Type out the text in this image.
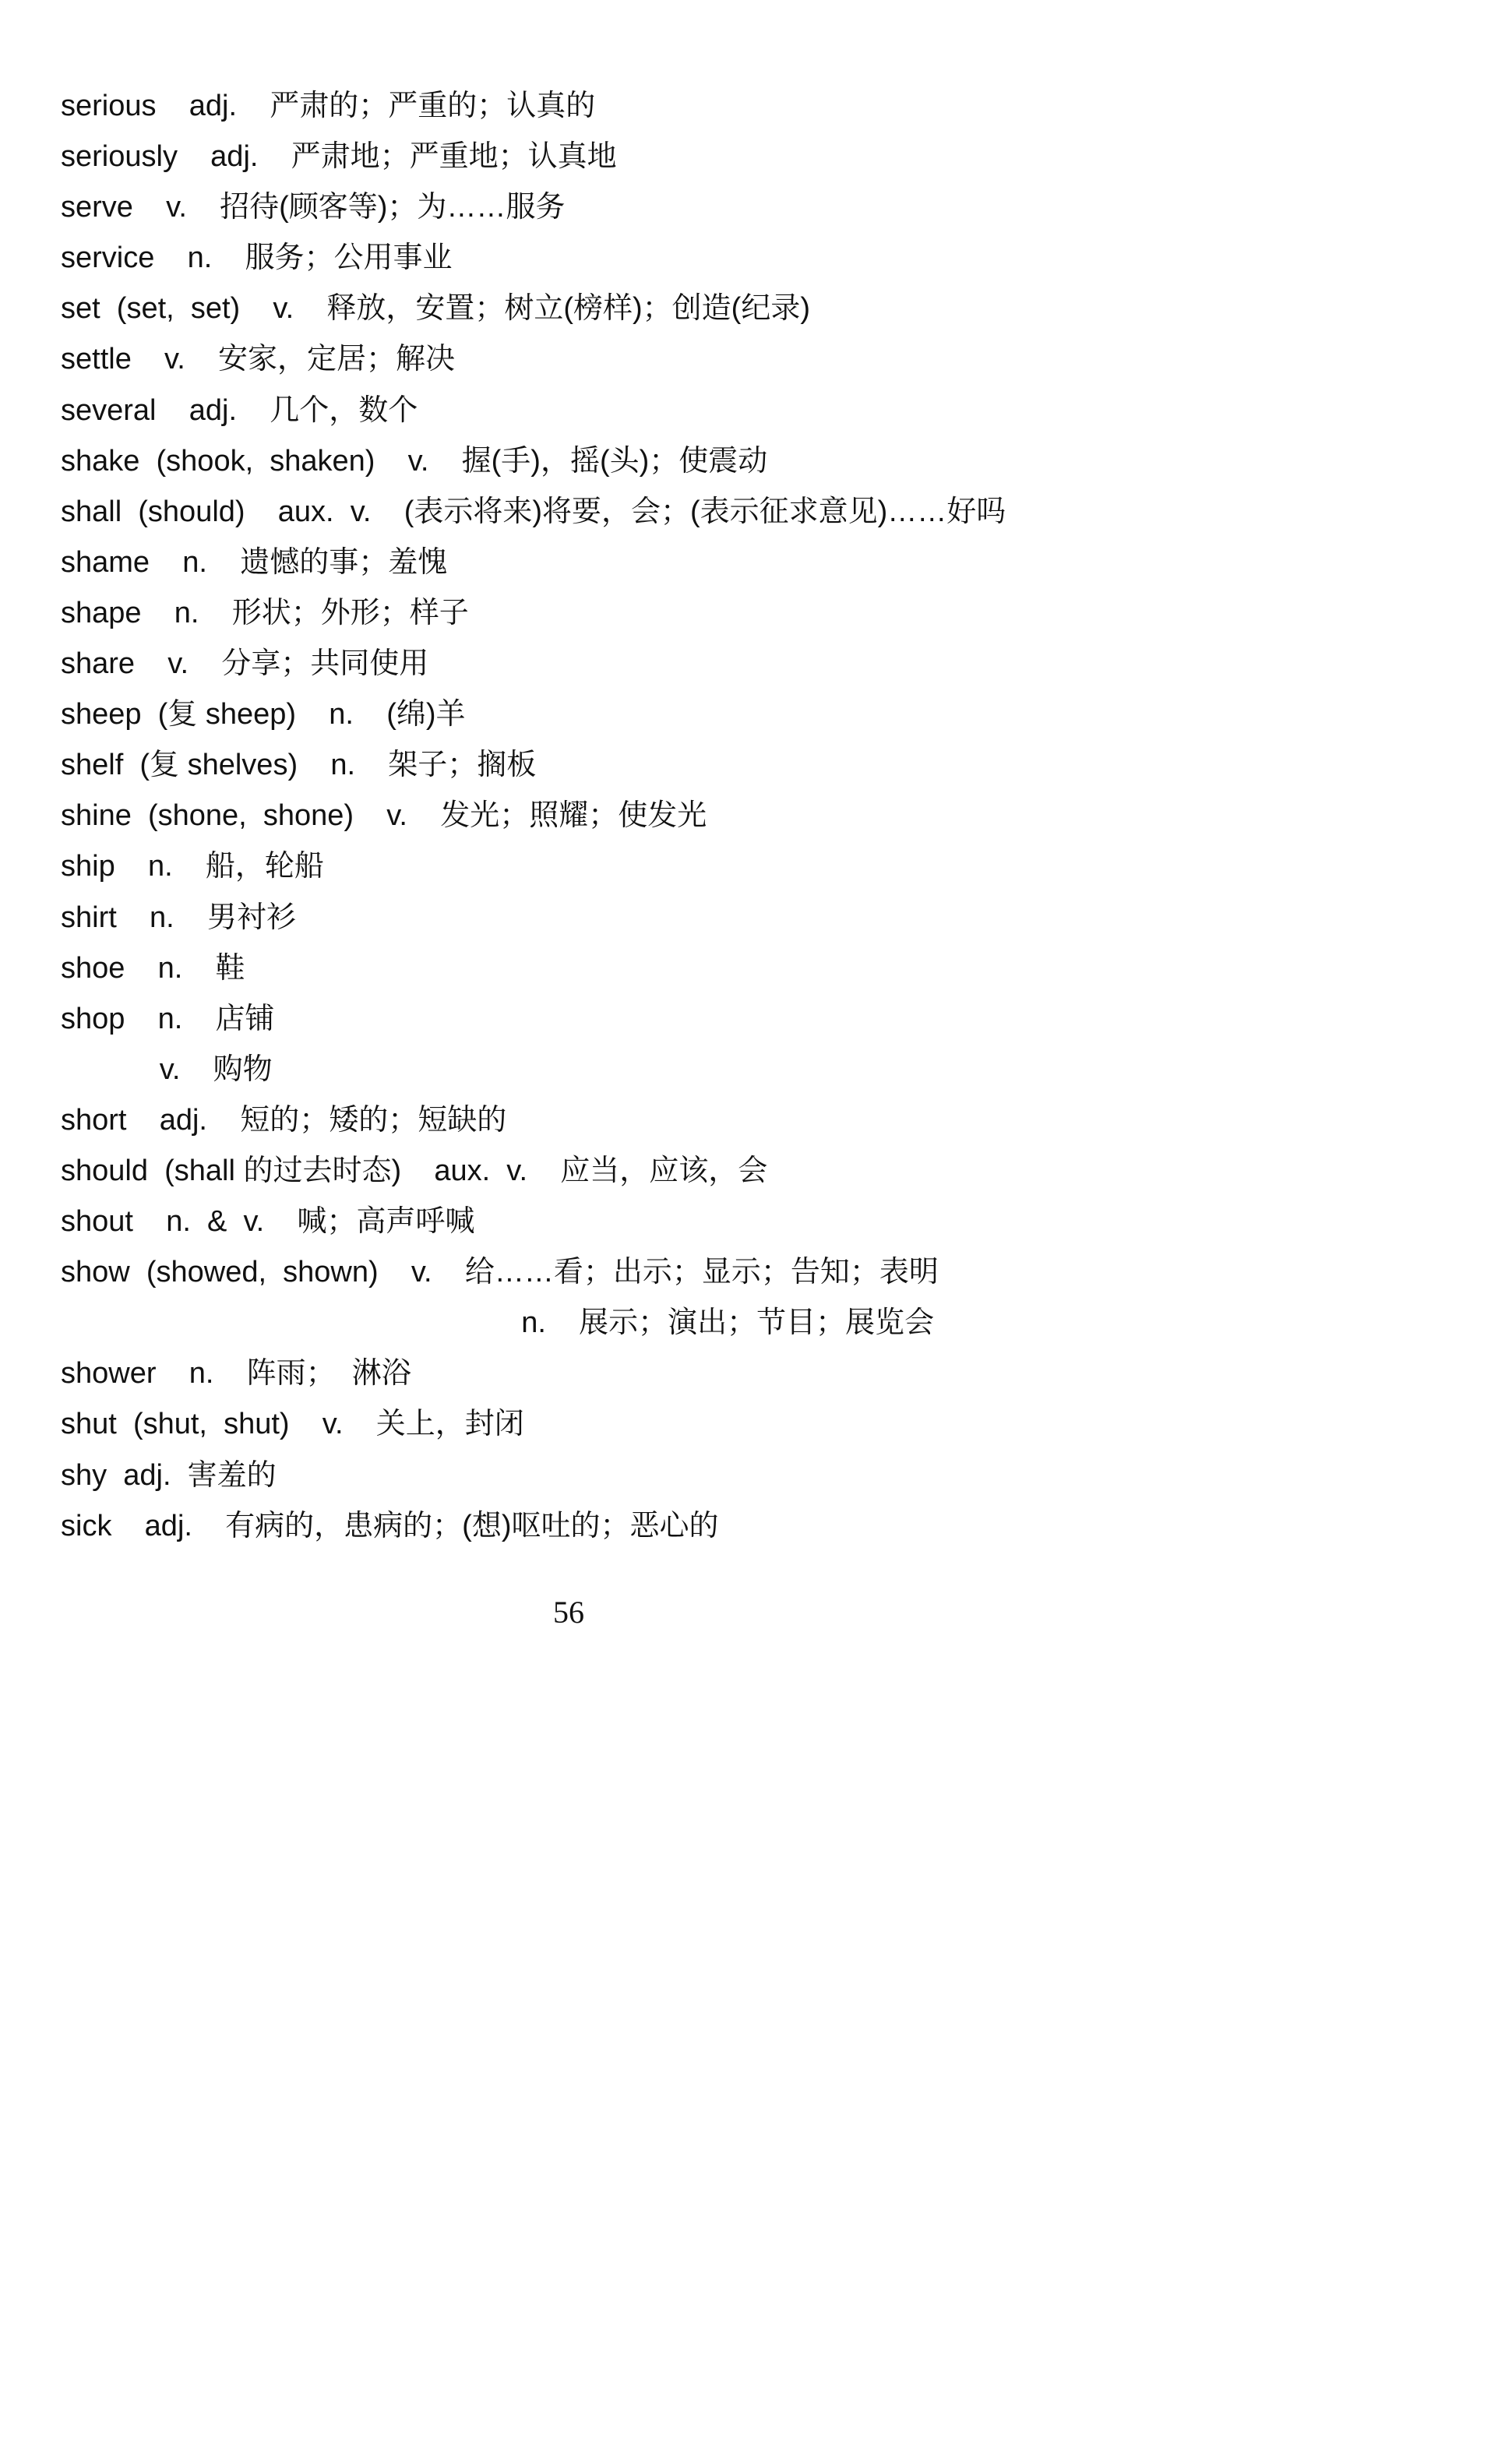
serious    adj.    严肃的；严重的；认真的
seriously    adj.    严肃地；严重地；认真地
serve    v.    招待(顾客等)；为……服务
service    n.    服务；公用事业
set  (set,  set)    v.    释放，安置；树立(榜样)；创造(纪录)
settle    v.    安家，定居；解决
several    adj.    几个，数个
shake  (shook,  shaken)    v.    握(手)，摇(头)；使震动
shall  (should)    aux.  v.    (表示将来)将要，会；(表示征求意见)……好吗
shame    n.    遗憾的事；羞愧
shape    n.    形状；外形；样子
share    v.    分享；共同使用
sheep  (复 sheep)    n.    (绵)羊
shelf  (复 shelves)    n.    架子；搁板
shine  (shone,  shone)    v.    发光；照耀；使发光
ship    n.    船，轮船
shirt    n.    男衬衫
shoe    n.    鞋
shop    n.    店铺
v.    购物
short    adj.    短的；矮的；短缺的
should  (shall 的过去时态)    aux.  v.    应当，应该，会
shout    n.  &  v.    喊；高声呼喊
show  (showed,  shown)    v.    给……看；出示；显示；告知；表明
n.    展示；演出；节目；展览会
shower    n.    阵雨；  淋浴
shut  (shut,  shut)    v.    关上，封闭
shy  adj.  害羞的
sick    adj.    有病的，患病的；(想)呕吐的；恶心的
56
